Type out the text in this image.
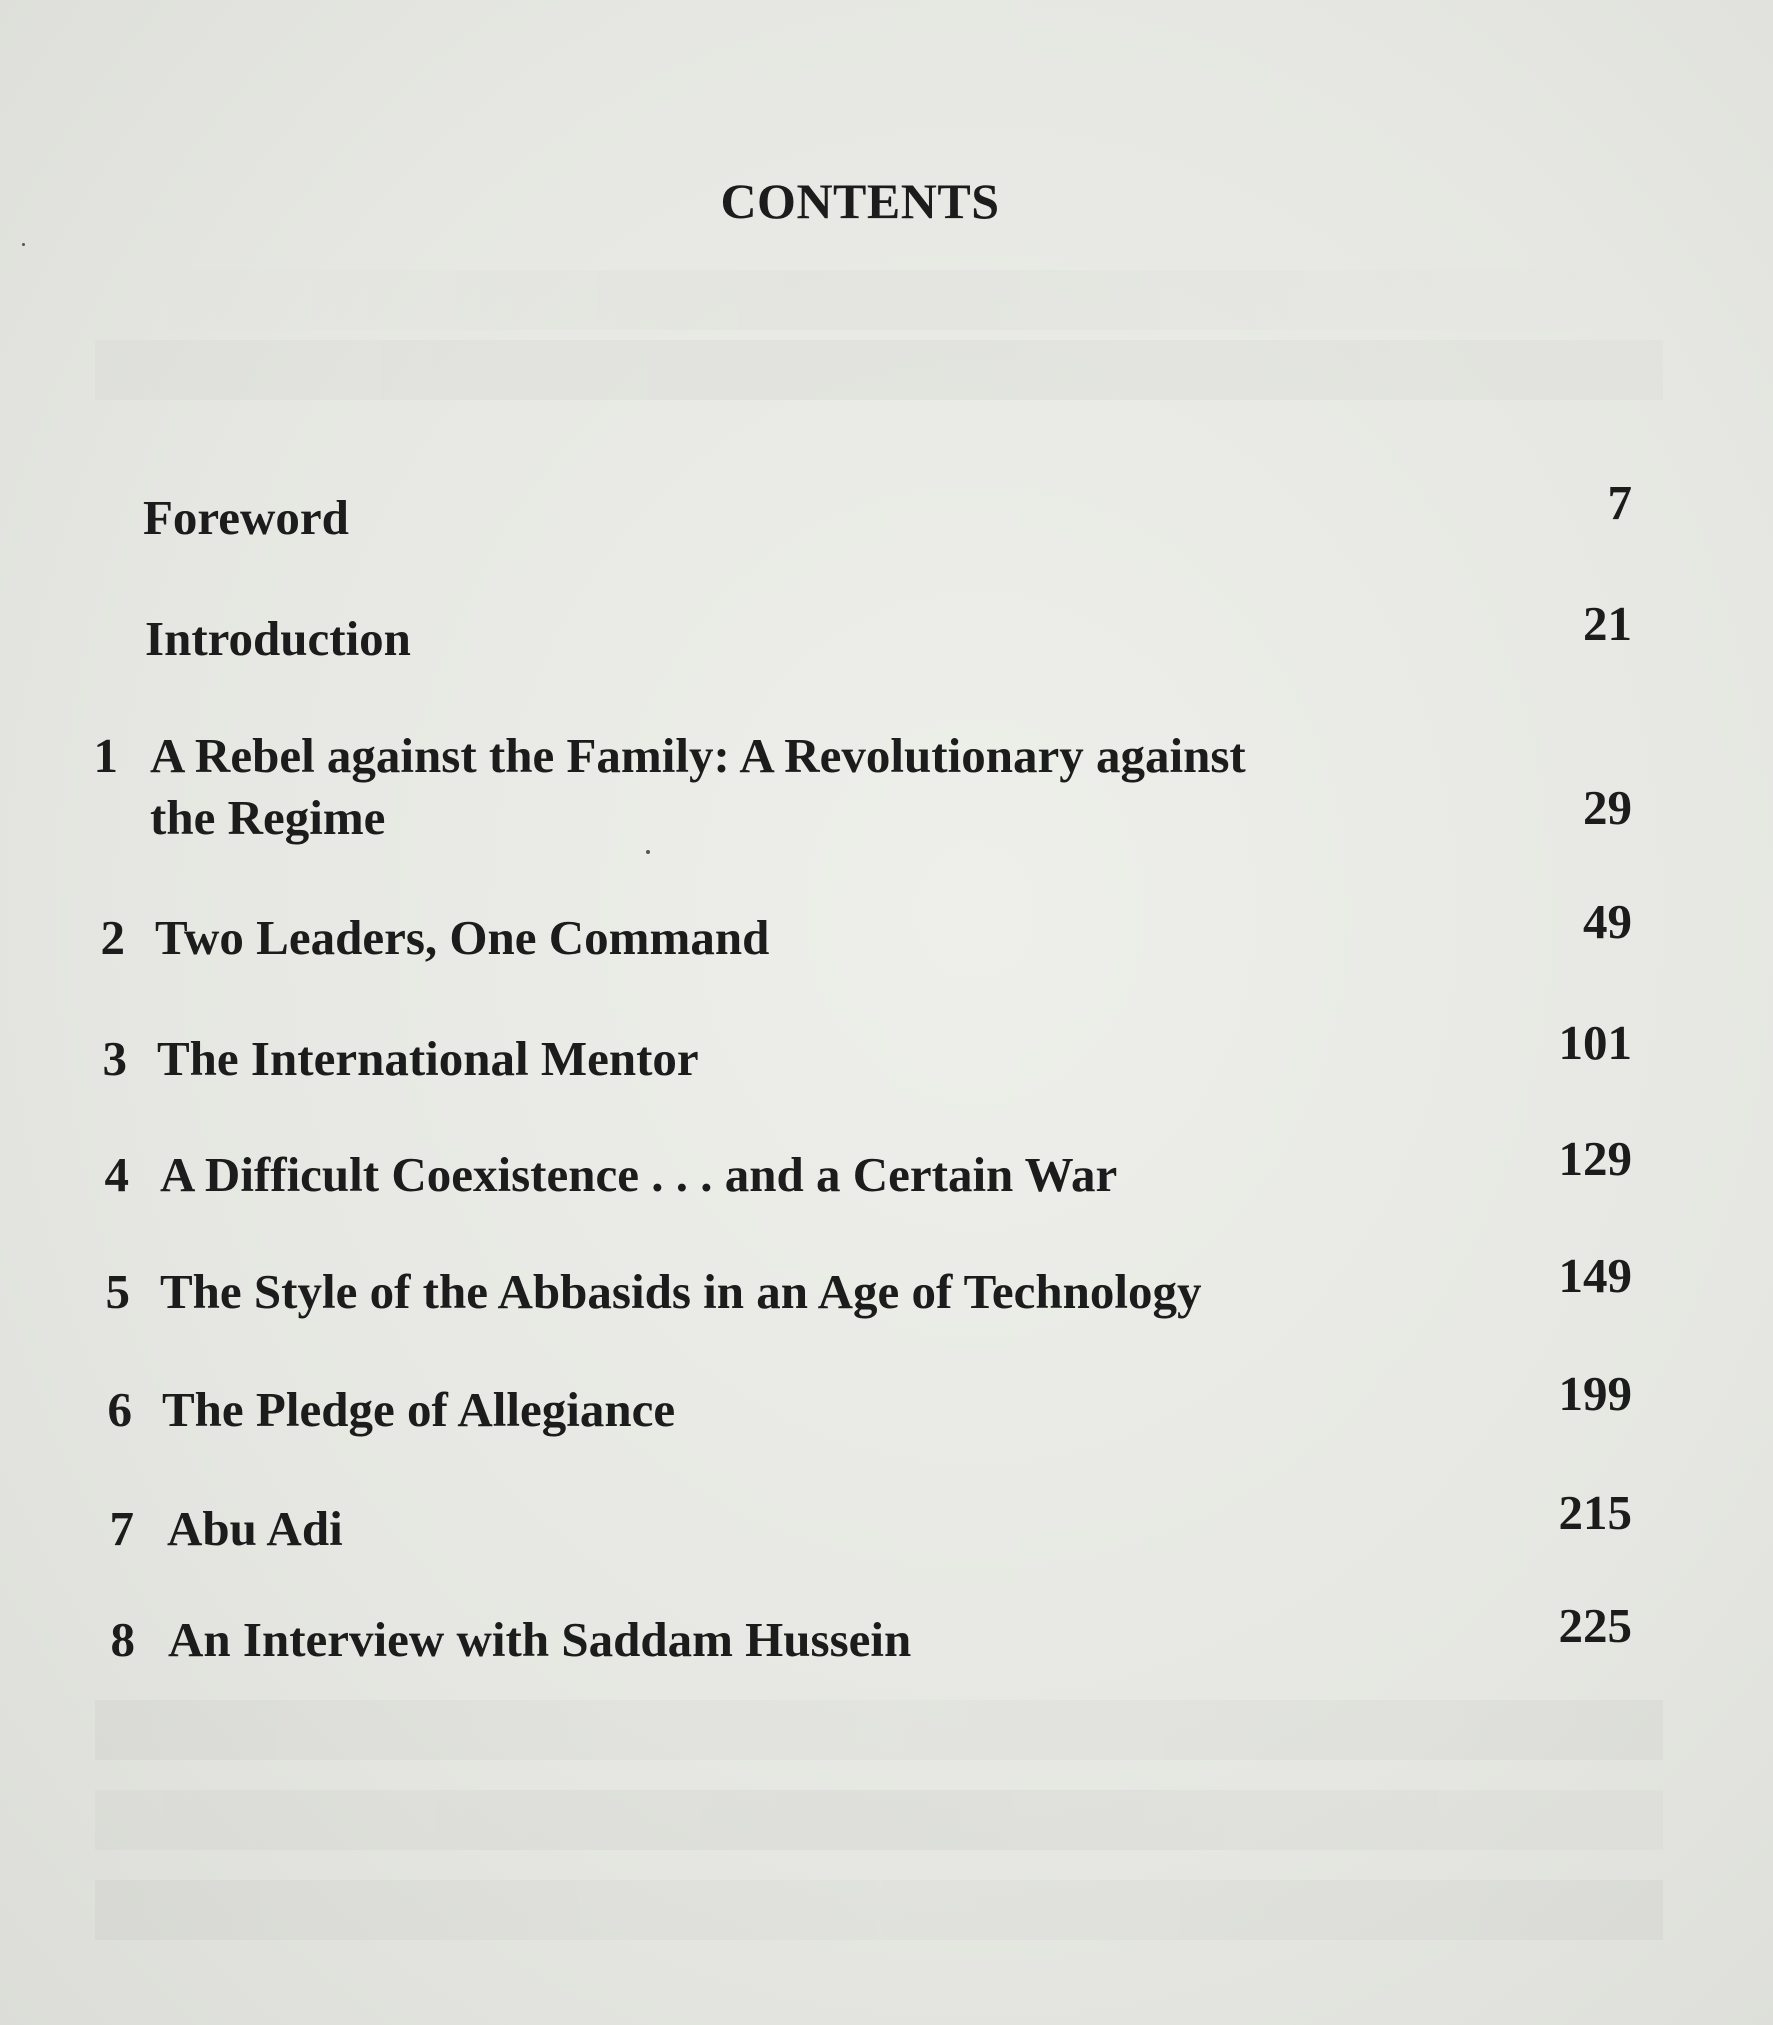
CONTENTS
Foreword	7
Introduction	21
1 A Rebel against the Family: A Revolutionary against
the Regime	29
2 Two Leaders, One Command	49
3 The International Mentor	101
4 A Difficult Coexistence . . . and a Certain War	129
5 The Style of the Abbasids in an Age of Technology	149
6 The Pledge of Allegiance	199
7 Abu Adi	215
8 An Interview with Saddam Hussein	225
